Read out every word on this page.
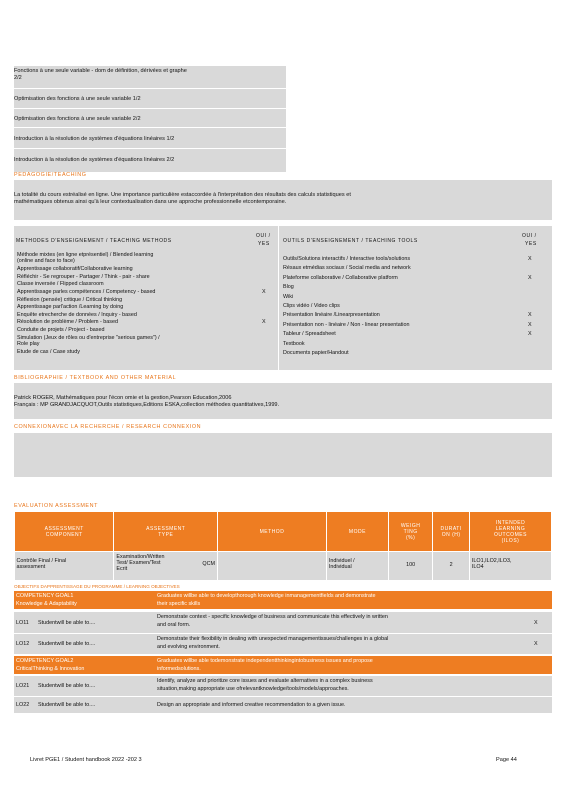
Fonctions à une seule variable - dom de définition, dérivées et graphe
2/2
Optimisation des fonctions à une seule variable 1/2
Optimisation des fonctions à une seule variable 2/2
Introduction à la résolution de systèmes d'équations linéaires 1/2
Introduction à la résolution de systèmes d'équations linéaires 2/2
PEDAGOGIE/TEACHING
La totalité du cours estréalisé en ligne. Une importance particulière estaccordée à l'interprétation des résultats des calculs statistiques et
mathématiques obtenus ainsi qu'à leur contextualisation dans une approche professionnelle etcontemporaine.
METHODES D'ENSEIGNEMENT / TEACHING METHODS
OUI /
YES
Méthode mixtes (en ligne etprésentiel) / Blended learning
(online and face to face)
Apprentissage collaboratif/Collaborative learning
Réfléchir - Se regrouper - Partager / Think - pair - share
Classe inversée / Flipped classroom
Apprentissage parles compétences / Competency - based	X
Réflexion (pensée) critique / Critical thinking
Apprentissage parl'action /Learning by doing
Enquête etrecherche de données / Inquiry - based
Résolution de problème / Problem - based	X
Conduite de projets / Project - based
Simulation (Jeux de rôles ou d'entreprise "serious games") /
Role play
Etude de cas / Case study
OUTILS D'ENSEIGNEMENT / TEACHING TOOLS
OUI /
YES
Outils/Solutions interactifs / Interactive tools/solutions	X
Résaux etmédias sociaux / Social media and network
Plateforme collaborative / Collaborative platform	X
Blog
Wiki
Clips vidéo / Video clips
Présentation linéaire /Linearpresentation	X
Présentation non - linéaire / Non - linear presentation	X
Tableur / Spreadsheet	X
Textbook
Documents papier/Handout
BIBLIOGRAPHIE / TEXTBOOK AND OTHER MATERIAL
Patrick ROGER, Mathématiques pour l'écon omie et la gestion,Pearson Education,2006
Français : MP GRANDJACQUOT,Outils statistiques,Editions ESKA,collection méthodes quantitatives,1999.
CONNEXIONAVEC LA RECHERCHE / RESEARCH CONNEXION
EVALUATION ASSESSMENT
ASSESSMENT
COMPONENT	ASSESSMENT
TYPE	METHOD	MODE	WEIGH
TING
(%)	DURATI
ON (H)	INTENDED
LEARNING
OUTCOMES
(ILOS)
Contrôle Final / Final
assessment	Examination/Written
Test/ Examen/Test
Ecrit
QCM		Individuel /
Individual	100	2	ILO1,ILO2,ILO3,
ILO4
OBJECTIFS DAPPRENTISSAGE DU PROGRAMME / LEARNING OBJECTIVES
COMPETENCY GOAL1
Knowledge & Adaptability
Graduates willbe able to developthorough knowledge inmanagementfields and demonstrate
their specific skills
LO11 Studentwill be able to....
Demonstrate context - specific knowledge of business and communicate this effectively in written
and oral form.	X
LO12 Studentwill be able to....
Demonstrate their flexibility in dealing with unexpected managementissues/challenges in a global
and evolving environment.	X
COMPETENCY GOAL2
CriticalThinking & Innovation
Graduates willbe able todemonstrate independentthinkingintobusiness issues and propose
informedsolutions.
LO21 Studentwill be able to....
Identify, analyze and prioritize core issues and evaluate alternatives in a complex business
situation,making appropriate use ofrelevantknowledge/tools/models/approaches.
LO22 Studentwill be able to....	Design an appropriate and informed creative recommendation to a given issue.
Livret PGE1 / Student handbook 2022 -202 3	Page 44
